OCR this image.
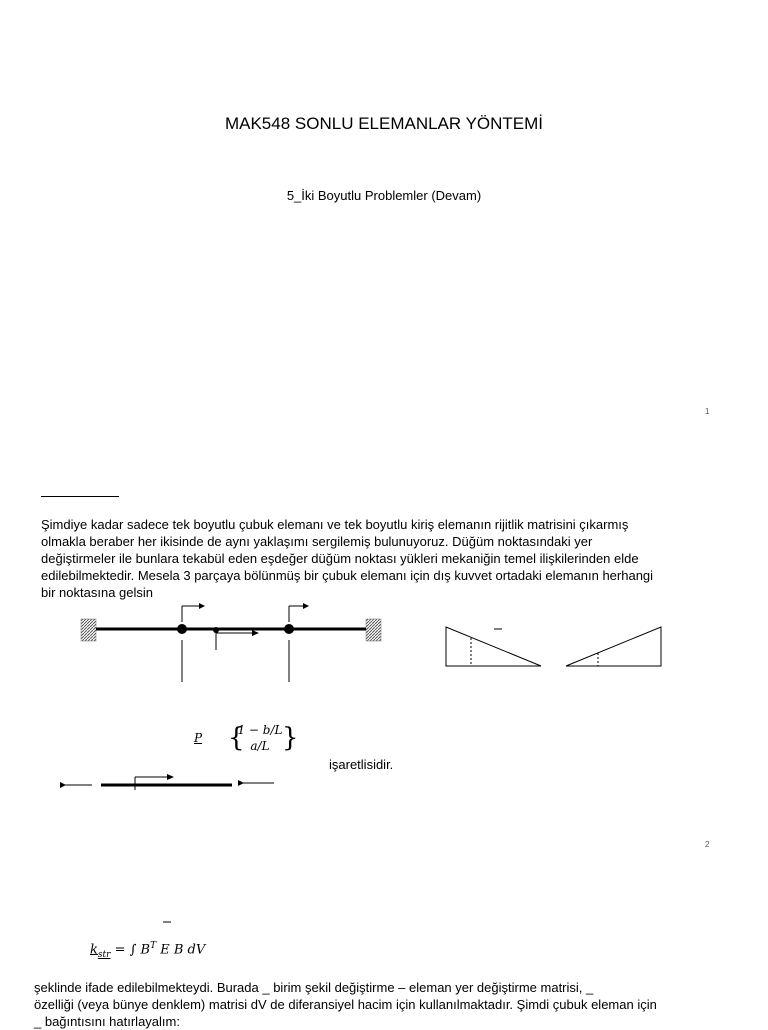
MAK548 SONLU ELEMANLAR YÖNTEMİ
5_İki Boyutlu Problemler (Devam)
1

Şimdiye kadar sadece tek boyutlu çubuk elemanı ve tek boyutlu kiriş elemanın rijitlik matrisini çıkarmış

olmakla beraber her ikisinde de aynı yaklaşımı sergilemiş bulunuyoruz. Düğüm noktasındaki yer

değiştirmeler ile bunlara tekabül eden eşdeğer düğüm noktası yükleri mekaniğin temel ilişkilerinden elde

edilebilmektedir. Mesela 3 parçaya bölünmüş bir çubuk elemanı için dış kuvvet ortadaki elemanın herhangi

bir noktasına gelsin

P {
1 − b/L
a/L }
işaretlisidir.
2
$k_{str}$ = ∫ $B^T$ E B dV

şeklinde ifade edilebilmekteydi. Burada _ birim şekil değiştirme – eleman yer değiştirme matrisi, _

özelliği (veya bünye denklem) matrisi dV de diferansiyel hacim için kullanılmaktadır. Şimdi çubuk eleman için

_ bağıntısını hatırlayalım:
